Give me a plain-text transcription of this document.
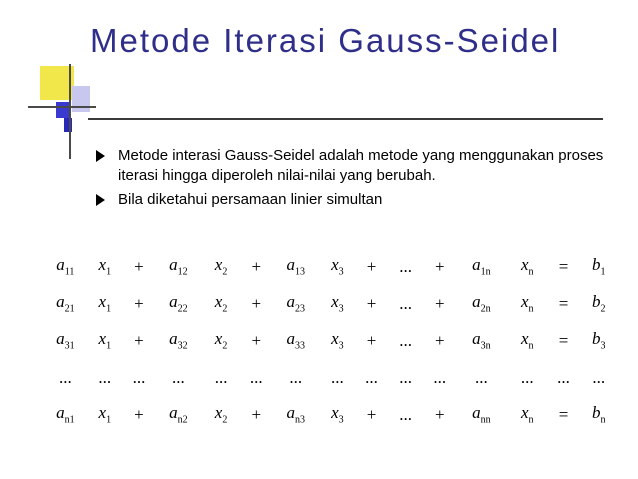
Metode Iterasi Gauss-Seidel
Metode interasi Gauss-Seidel adalah metode yang menggunakan proses iterasi hingga diperoleh nilai-nilai yang berubah.
Bila diketahui persamaan linier simultan
$a_{11}$	$x_1$	+	$a_{12}$	$x_2$	+	$a_{13}$	$x_3$	+	...	+	$a_{1n}$	$x_n$	=	$b_1$
$a_{21}$	$x_1$	+	$a_{22}$	$x_2$	+	$a_{23}$	$x_3$	+	...	+	$a_{2n}$	$x_n$	=	$b_2$
$a_{31}$	$x_1$	+	$a_{32}$	$x_2$	+	$a_{33}$	$x_3$	+	...	+	$a_{3n}$	$x_n$	=	$b_3$
...	...	...	...	...	...	...	...	...	...	...	...	...	...	...
$a_{n1}$	$x_1$	+	$a_{n2}$	$x_2$	+	$a_{n3}$	$x_3$	+	...	+	$a_{nn}$	$x_n$	=	$b_n$
